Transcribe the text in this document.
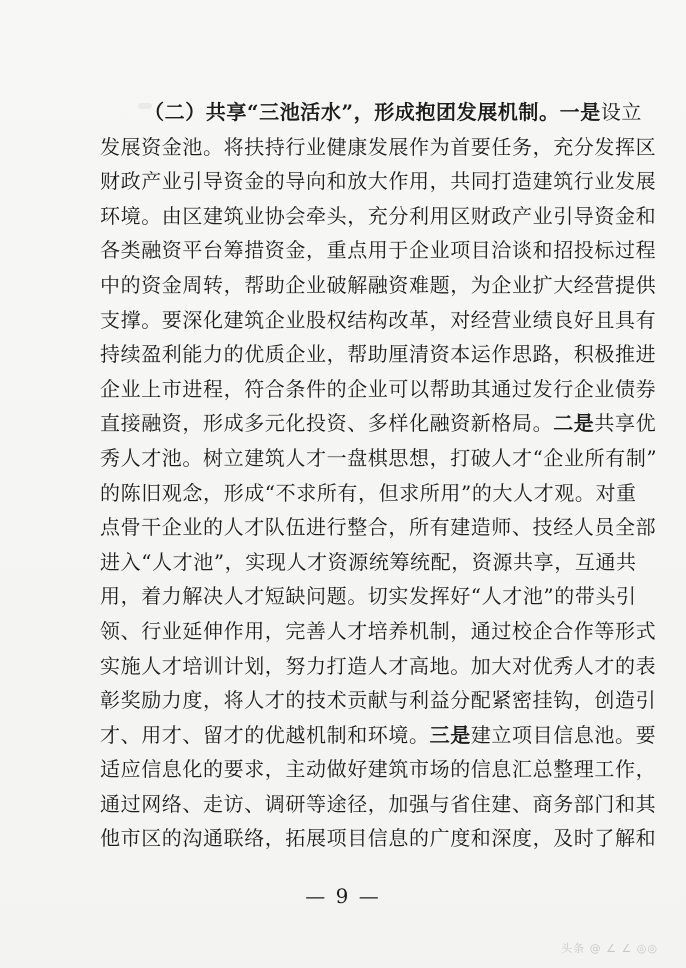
（二）共享“三池活水”，形成抱团发展机制。一是设立
发展资金池。将扶持行业健康发展作为首要任务，充分发挥区
财政产业引导资金的导向和放大作用，共同打造建筑行业发展
环境。由区建筑业协会牵头，充分利用区财政产业引导资金和
各类融资平台筹措资金，重点用于企业项目洽谈和招投标过程
中的资金周转，帮助企业破解融资难题，为企业扩大经营提供
支撑。要深化建筑企业股权结构改革，对经营业绩良好且具有
持续盈利能力的优质企业，帮助厘清资本运作思路，积极推进
企业上市进程，符合条件的企业可以帮助其通过发行企业债券
直接融资，形成多元化投资、多样化融资新格局。二是共享优
秀人才池。树立建筑人才一盘棋思想，打破人才“企业所有制”
的陈旧观念，形成“不求所有，但求所用”的大人才观。对重
点骨干企业的人才队伍进行整合，所有建造师、技经人员全部
进入“人才池”，实现人才资源统筹统配，资源共享，互通共
用，着力解决人才短缺问题。切实发挥好“人才池”的带头引
领、行业延伸作用，完善人才培养机制，通过校企合作等形式
实施人才培训计划，努力打造人才高地。加大对优秀人才的表
彰奖励力度，将人才的技术贡献与利益分配紧密挂钩，创造引
才、用才、留才的优越机制和环境。三是建立项目信息池。要
适应信息化的要求，主动做好建筑市场的信息汇总整理工作，
通过网络、走访、调研等途径，加强与省住建、商务部门和其
他市区的沟通联络，拓展项目信息的广度和深度，及时了解和
— 9 —
头条 @ ∠ ∠ ◎◎
